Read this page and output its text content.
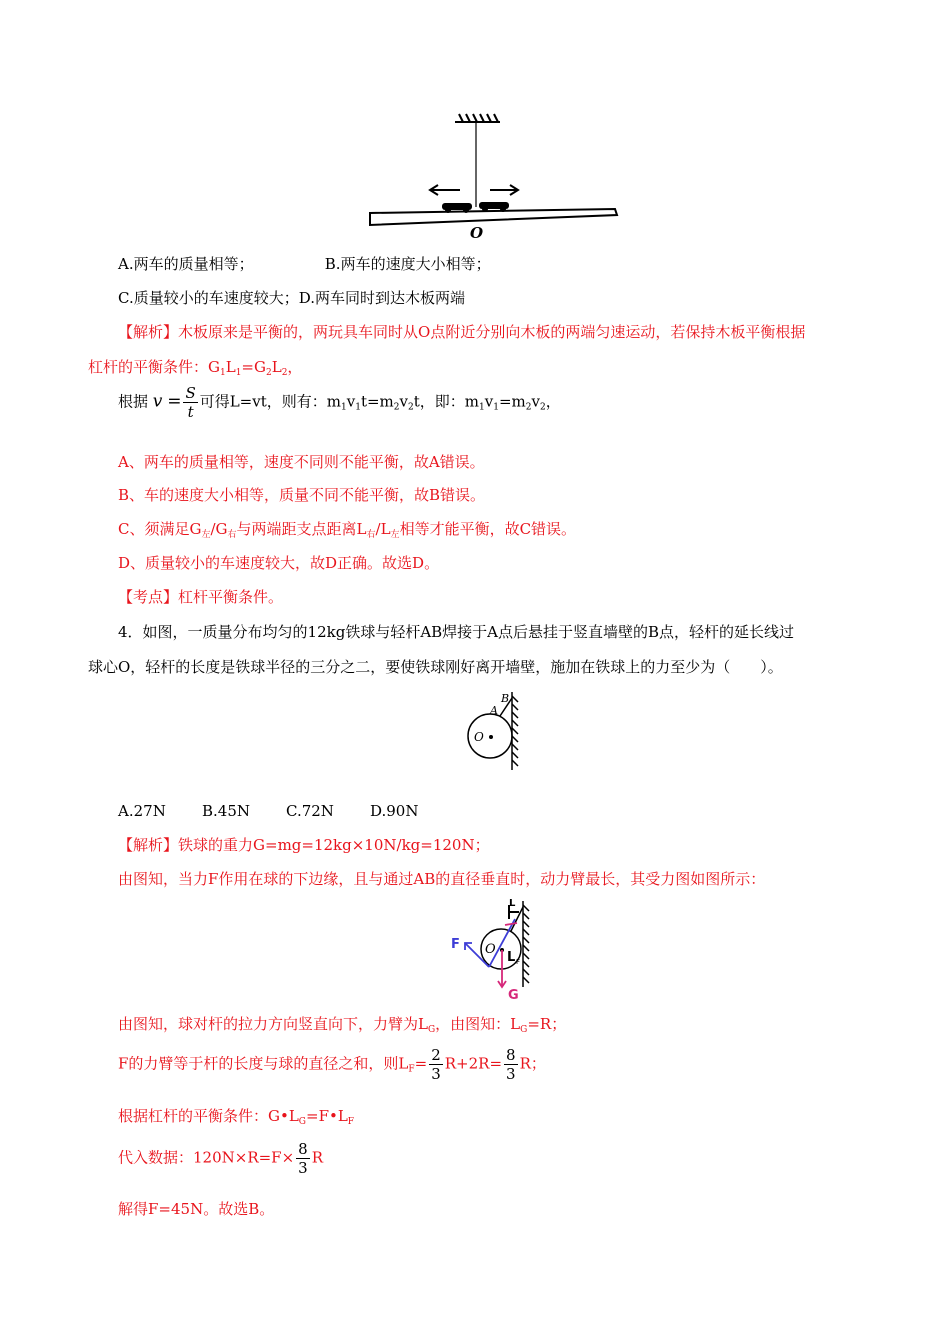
O
A.两车的质量相等；	B.两车的速度大小相等；
C.质量较小的车速度较大；D.两车同时到达木板两端
【解析】木板原来是平衡的，两玩具车同时从O点附近分别向木板的两端匀速运动，若保持木板平衡根据
杠杆的平衡条件：$G_1L_1=G_2L_2$，
根据 $v = \frac{S}{t}$ 可得L=vt，则有：$m_1v_1t=m_2v_2t$，即：$m_1v_1=m_2v_2$，
A、两车的质量相等，速度不同则不能平衡，故A错误。
B、车的速度大小相等，质量不同不能平衡，故B错误。
C、须满足$G_左/G_右$与两端距支点距离$L_右/L_左$相等才能平衡，故C错误。
D、质量较小的车速度较大，故D正确。故选D。
【考点】杠杆平衡条件。
4．如图，一质量分布均匀的12kg铁球与轻杆AB焊接于A点后悬挂于竖直墙壁的B点，轻杆的延长线过
球心O，轻杆的长度是铁球半径的三分之二，要使铁球刚好离开墙壁，施加在铁球上的力至少为（　　）。
O
A
B
A.27N B.45N C.72N D.90N
【解析】铁球的重力G=mg=12kg×10N/kg=120N；
由图知，当力F作用在球的下边缘，且与通过AB的直径垂直时，动力臂最长，其受力图如图所示：
O
F
G
L F
L
由图知，球对杆的拉力方向竖直向下，力臂为$L_G$，由图知：$L_G=R$；
F的力臂等于杆的长度与球的直径之和，则$L_F= \frac{2}{3} R+2R= \frac{8}{3}$ R；
根据杠杆的平衡条件：$G•L_G=F•L_F$
代入数据：$120N\times R=F\times \frac{8}{3}$ R
解得F=45N。故选B。
